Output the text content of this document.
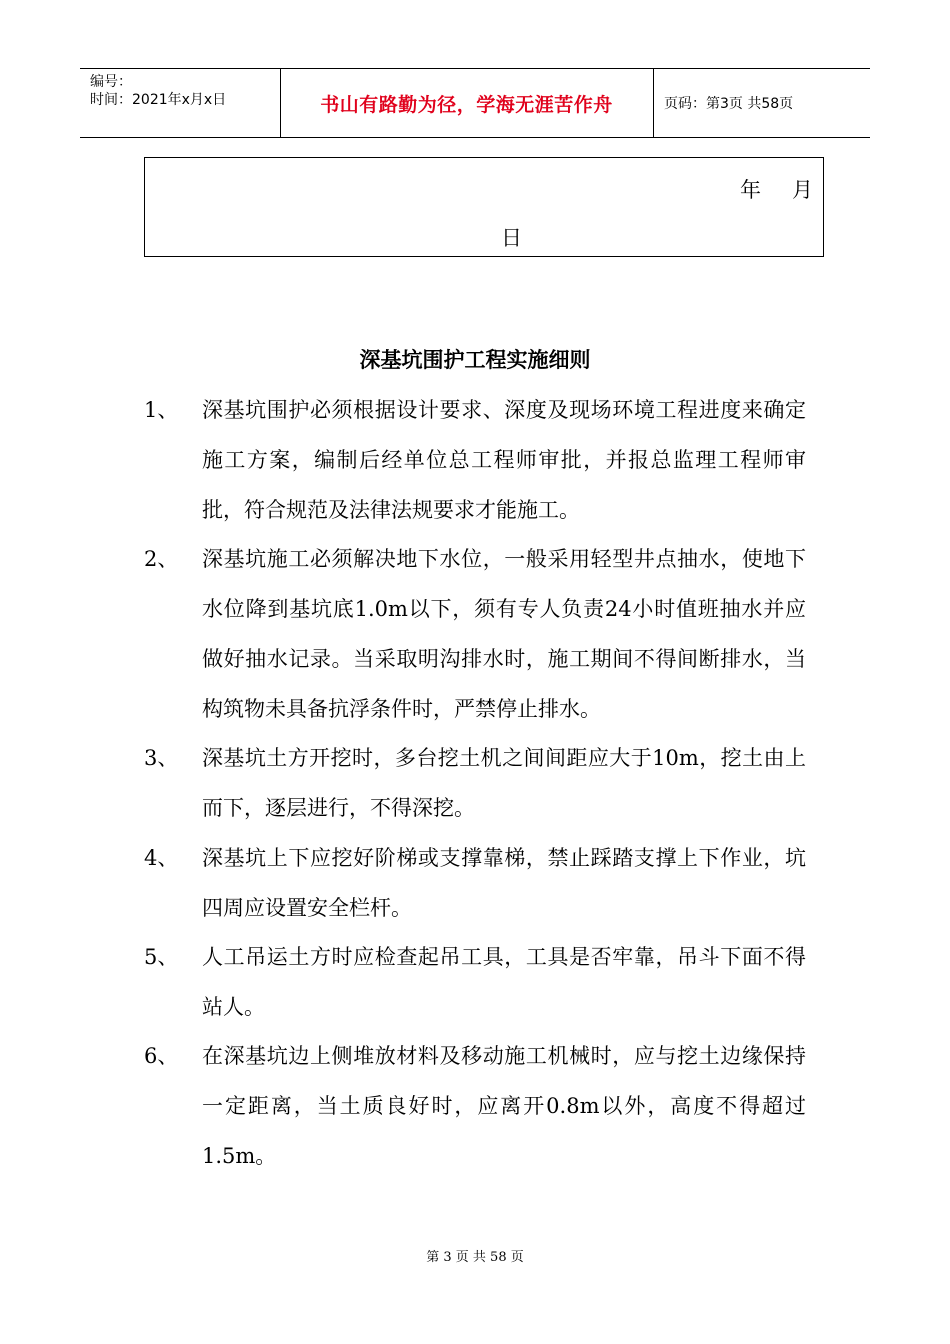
编号：
时间：2021年x月x日	书山有路勤为径，学海无涯苦作舟	页码：第3页 共58页
年 月
日
深基坑围护工程实施细则
1、 深基坑围护必须根据设计要求、深度及现场环境工程进度来确定施工方案，编制后经单位总工程师审批，并报总监理工程师审批，符合规范及法律法规要求才能施工。
2、 深基坑施工必须解决地下水位，一般采用轻型井点抽水，使地下水位降到基坑底1.0m以下，须有专人负责24小时值班抽水并应做好抽水记录。当采取明沟排水时，施工期间不得间断排水，当构筑物未具备抗浮条件时，严禁停止排水。
3、 深基坑土方开挖时，多台挖土机之间间距应大于10m，挖土由上而下，逐层进行，不得深挖。
4、 深基坑上下应挖好阶梯或支撑靠梯，禁止踩踏支撑上下作业，坑四周应设置安全栏杆。
5、 人工吊运土方时应检查起吊工具，工具是否牢靠，吊斗下面不得站人。
6、 在深基坑边上侧堆放材料及移动施工机械时，应与挖土边缘保持一定距离，当土质良好时，应离开0.8m以外，高度不得超过1.5m。
第 3 页 共 58 页
